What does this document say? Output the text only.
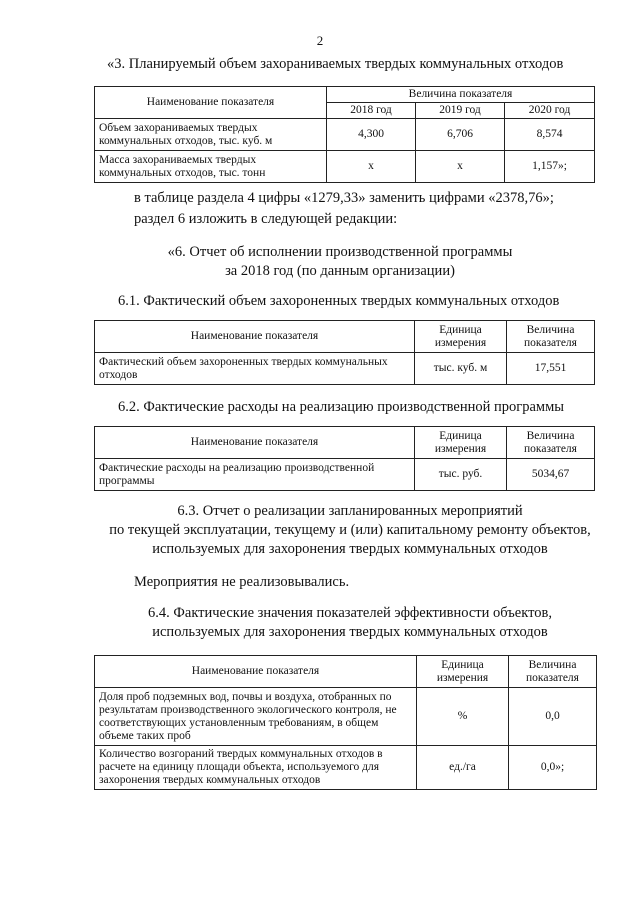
2
«3. Планируемый объем захораниваемых твердых коммунальных отходов
Наименование показателя	Величина показателя		
	2018 год	2019 год	2020 год
Объем захораниваемых твердых коммунальных отходов, тыс. куб. м	4,300	6,706	8,574
Масса захораниваемых твердых коммунальных отходов, тыс. тонн	х	х	1,157»;
в таблице раздела 4 цифры «1279,33» заменить цифрами «2378,76»;
раздел 6 изложить в следующей редакции:
«6. Отчет об исполнении производственной программы
за 2018 год (по данным организации)
6.1. Фактический объем захороненных твердых коммунальных отходов
Наименование показателя	Единица измерения	Величина показателя
Фактический объем захороненных твердых коммунальных отходов	тыс. куб. м	17,551
6.2. Фактические расходы на реализацию производственной программы
Наименование показателя	Единица измерения	Величина показателя
Фактические расходы на реализацию производственной программы	тыс. руб.	5034,67
6.3. Отчет о реализации запланированных мероприятий
по текущей эксплуатации, текущему и (или) капитальному ремонту объектов,
используемых для захоронения твердых коммунальных отходов
Мероприятия не реализовывались.
6.4. Фактические значения показателей эффективности объектов,
используемых для захоронения твердых коммунальных отходов
Наименование показателя	Единица измерения	Величина показателя
Доля проб подземных вод, почвы и воздуха, отобранных по результатам производственного экологического контроля, не соответствующих установленным требованиям, в общем объеме таких проб	%	0,0
Количество возгораний твердых коммунальных отходов в расчете на единицу площади объекта, используемого для захоронения твердых коммунальных отходов	ед./га	0,0»;
